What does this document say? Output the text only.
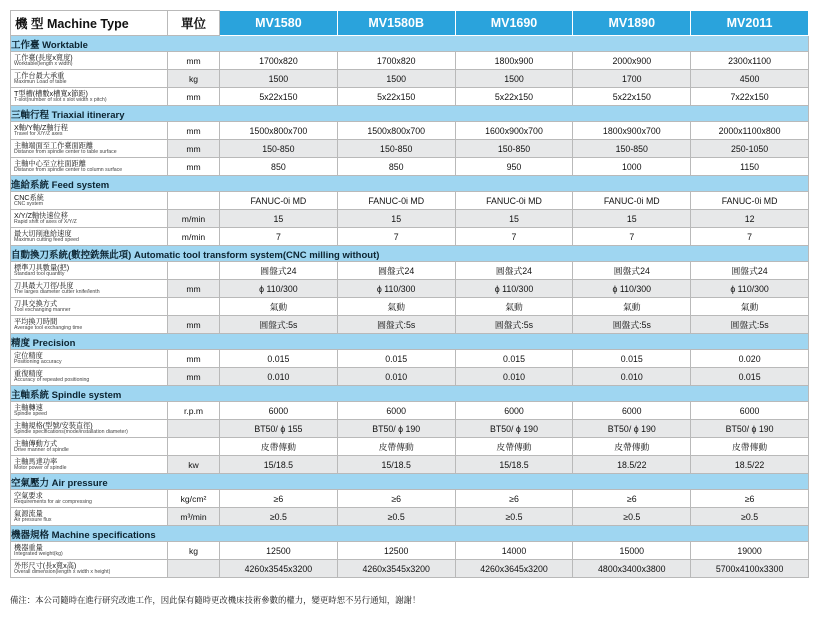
機 型 Machine Type	單位	MV1580	MV1580B	MV1690	MV1890	MV2011
工作臺 Worktable						

工作臺(長度x寬度)
Worktable(length x width)	mm	1700x820	1700x820	1800x900	2000x900	2300x1100

工作台最大承重
Maximun Load of table	kg	1500	1500	1500	1700	4500

T型槽(槽數x槽寬x節距)
T-slot(number of slot x slot width x pitch)	mm	5x22x150	5x22x150	5x22x150	5x22x150	7x22x150
三軸行程 Triaxial itinerary						

X軸/Y軸/Z軸行程
Travel for X/Y/Z axes	mm	1500x800x700	1500x800x700	1600x900x700	1800x900x700	2000x1100x800

主軸端面至工作臺面距離
Distance from spindle center to table surface	mm	150-850	150-850	150-850	150-850	250-1050

主軸中心至立柱面距離
Distance from spindle center to column surface	mm	850	850	950	1000	1150
進給系統 Feed system						

CNC系統
CNC system		FANUC-0i MD	FANUC-0i MD	FANUC-0i MD	FANUC-0i MD	FANUC-0i MD

X/Y/Z軸快速位移
Rapid shift of axes of X/Y/Z	m/min	15	15	15	15	12

最大切削進給速度
Maximun cutting feed speed	m/min	7	7	7	7	7
自動換刀系統(數控銑無此項) Automatic tool transform system(CNC milling without)						

標準刀具數量(把)
Standard tool quantity		圓盤式24	圓盤式24	圓盤式24	圓盤式24	圓盤式24

刀具最大刀徑/長度
The larges diameter cutter knife/lenth	mm	ϕ 110/300	ϕ 110/300	ϕ 110/300	ϕ 110/300	ϕ 110/300

刀具交換方式
Tool exchanging manner		氣動	氣動	氣動	氣動	氣動

平均換刀時間
Average tool exchanging time	mm	圓盤式:5s	圓盤式:5s	圓盤式:5s	圓盤式:5s	圓盤式:5s
精度 Precision						

定位精度
Positioning accuracy	mm	0.015	0.015	0.015	0.015	0.020

重復精度
Accuracy of repeated positioning	mm	0.010	0.010	0.010	0.010	0.015
主軸系統 Spindle system						

主軸轉速
Spindle speed	r.p.m	6000	6000	6000	6000	6000

主軸規格(型號/安裝直徑)
Spindle specifications(mode/installation diameter)		BT50/ ϕ 155	BT50/ ϕ 190	BT50/ ϕ 190	BT50/ ϕ 190	BT50/ ϕ 190

主軸傳動方式
Drive manner of spindle		皮帶傳動	皮帶傳動	皮帶傳動	皮帶傳動	皮帶傳動

主軸馬達功率
Motor power of spindle	kw	15/18.5	15/18.5	15/18.5	18.5/22	18.5/22
空氣壓力 Air pressure						

空氣要求
Requirements for air compressing	kg/cm²	≥6	≥6	≥6	≥6	≥6

氣源流量
Air pressure flux	m³/min	≥0.5	≥0.5	≥0.5	≥0.5	≥0.5
機器規格 Machine specifications						

機器重量
Integrated weight(kg)	kg	12500	12500	14000	15000	19000

外形尺寸(長x寬x高)
Overall dimension(length x width x height)		4260x3545x3200	4260x3545x3200	4260x3645x3200	4800x3400x3800	5700x4100x3300
備注：本公司隨時在進行研究改進工作，因此保有隨時更改機床技術參數的權力，變更時恕不另行通知，謝謝！
